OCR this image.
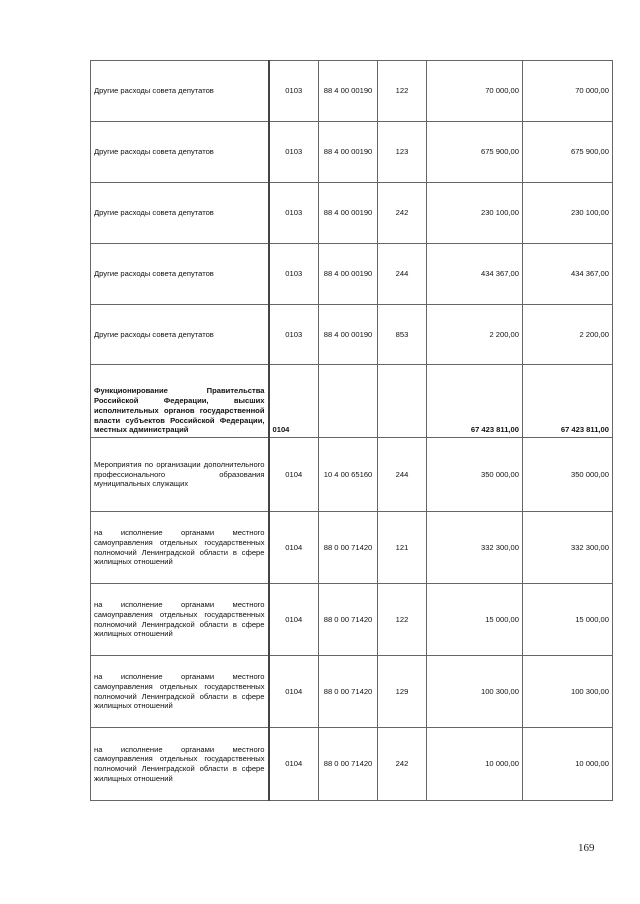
Другие расходы совета депутатов	0103	88 4 00 00190	122	70 000,00	70 000,00
Другие расходы совета депутатов	0103	88 4 00 00190	123	675 900,00	675 900,00
Другие расходы совета депутатов	0103	88 4 00 00190	242	230 100,00	230 100,00
Другие расходы совета депутатов	0103	88 4 00 00190	244	434 367,00	434 367,00
Другие расходы совета депутатов	0103	88 4 00 00190	853	2 200,00	2 200,00
Функционирование Правительства Российской Федерации, высших исполнительных органов государственной власти субъектов Российской Федерации, местных администраций	0104			67 423 811,00	67 423 811,00
Мероприятия по организации дополнительного профессионального образования муниципальных служащих	0104	10 4 00 65160	244	350 000,00	350 000,00
на исполнение органами местного самоуправления отдельных государственных полномочий Ленинградской области в сфере жилищных отношений	0104	88 0 00 71420	121	332 300,00	332 300,00
на исполнение органами местного самоуправления отдельных государственных полномочий Ленинградской области в сфере жилищных отношений	0104	88 0 00 71420	122	15 000,00	15 000,00
на исполнение органами местного самоуправления отдельных государственных полномочий Ленинградской области в сфере жилищных отношений	0104	88 0 00 71420	129	100 300,00	100 300,00
на исполнение органами местного самоуправления отдельных государственных полномочий Ленинградской области в сфере жилищных отношений	0104	88 0 00 71420	242	10 000,00	10 000,00
169
